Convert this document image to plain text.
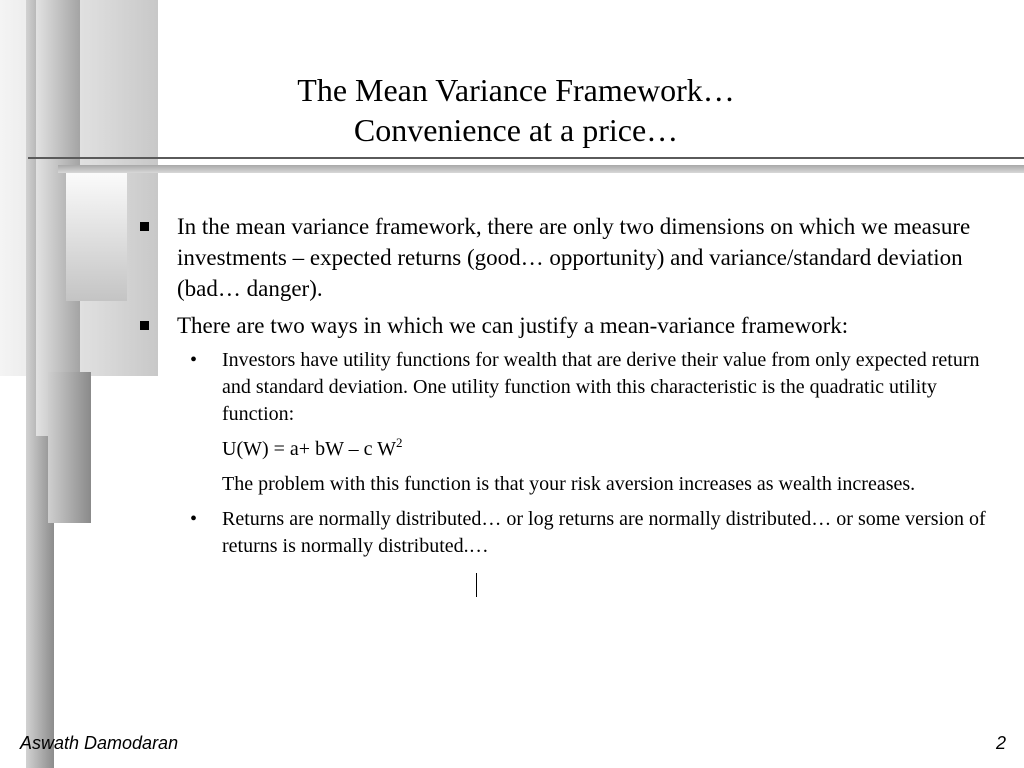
The Mean Variance Framework…
Convenience at a price…
In the mean variance framework, there are only two dimensions on which we measure investments – expected returns (good… opportunity) and variance/standard deviation (bad… danger).
There are two ways in which we can justify a mean-variance framework:
• Investors have utility functions for wealth that are derive their value from only expected return and standard deviation. One utility function with this characteristic is the quadratic utility function:
U(W) = a+ bW – c $W^2$
The problem with this function is that your risk aversion increases as wealth increases.
• Returns are normally distributed… or log returns are normally distributed… or some version of returns is normally distributed.…
Aswath Damodaran	2
